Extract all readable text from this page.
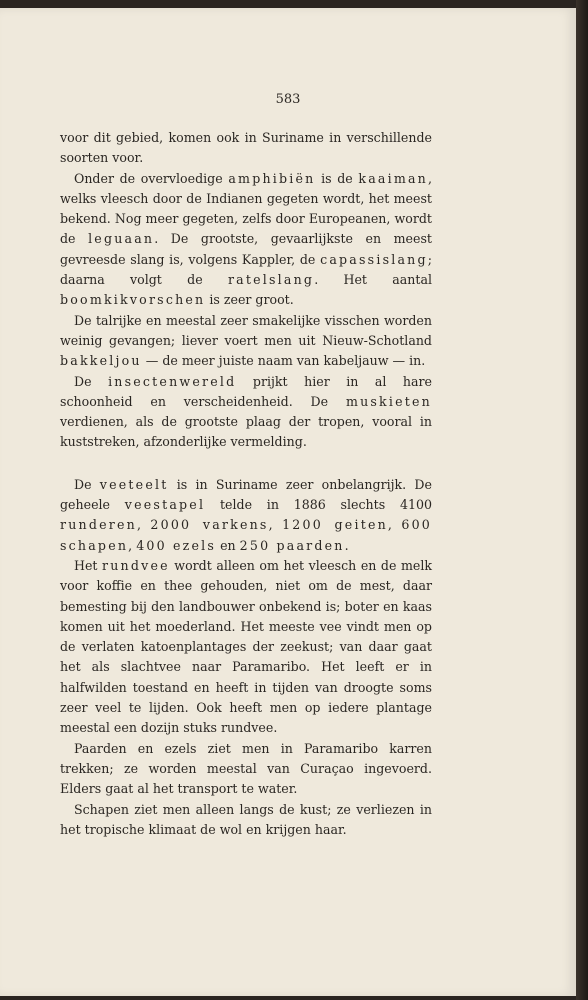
583

voor dit gebied, komen ook in Suriname in verschillende soorten voor.

Onder de overvloedige amphibiën is de kaaiman, welks vleesch door de Indianen gegeten wordt, het meest bekend. Nog meer gegeten, zelfs door Europeanen, wordt de leguaan. De grootste, gevaarlijkste en meest gevreesde slang is, volgens Kappler, de capassislang; daarna volgt de ratelslang. Het aantal boomkikvorschen is zeer groot.

De talrijke en meestal zeer smakelijke visschen worden weinig gevangen; liever voert men uit Nieuw-Schotland bakkeljou — de meer juiste naam van kabeljauw — in.

De insectenwereld prijkt hier in al hare schoonheid en verscheidenheid. De muskieten verdienen, als de grootste plaag der tropen, vooral in kuststreken, afzonderlijke vermelding.

De veeteelt is in Suriname zeer onbelangrijk. De geheele veestapel telde in 1886 slechts 4100 runderen, 2000 varkens, 1200 geiten, 600 schapen, 400 ezels en 250 paarden.

Het rundvee wordt alleen om het vleesch en de melk voor koffie en thee gehouden, niet om de mest, daar bemesting bij den landbouwer onbekend is; boter en kaas komen uit het moederland. Het meeste vee vindt men op de verlaten katoenplantages der zeekust; van daar gaat het als slachtvee naar Paramaribo. Het leeft er in halfwilden toestand en heeft in tijden van droogte soms zeer veel te lijden. Ook heeft men op iedere plantage meestal een dozijn stuks rundvee.

Paarden en ezels ziet men in Paramaribo karren trekken; ze worden meestal van Curaçao ingevoerd. Elders gaat al het transport te water.

Schapen ziet men alleen langs de kust; ze verliezen in het tropische klimaat de wol en krijgen haar.
